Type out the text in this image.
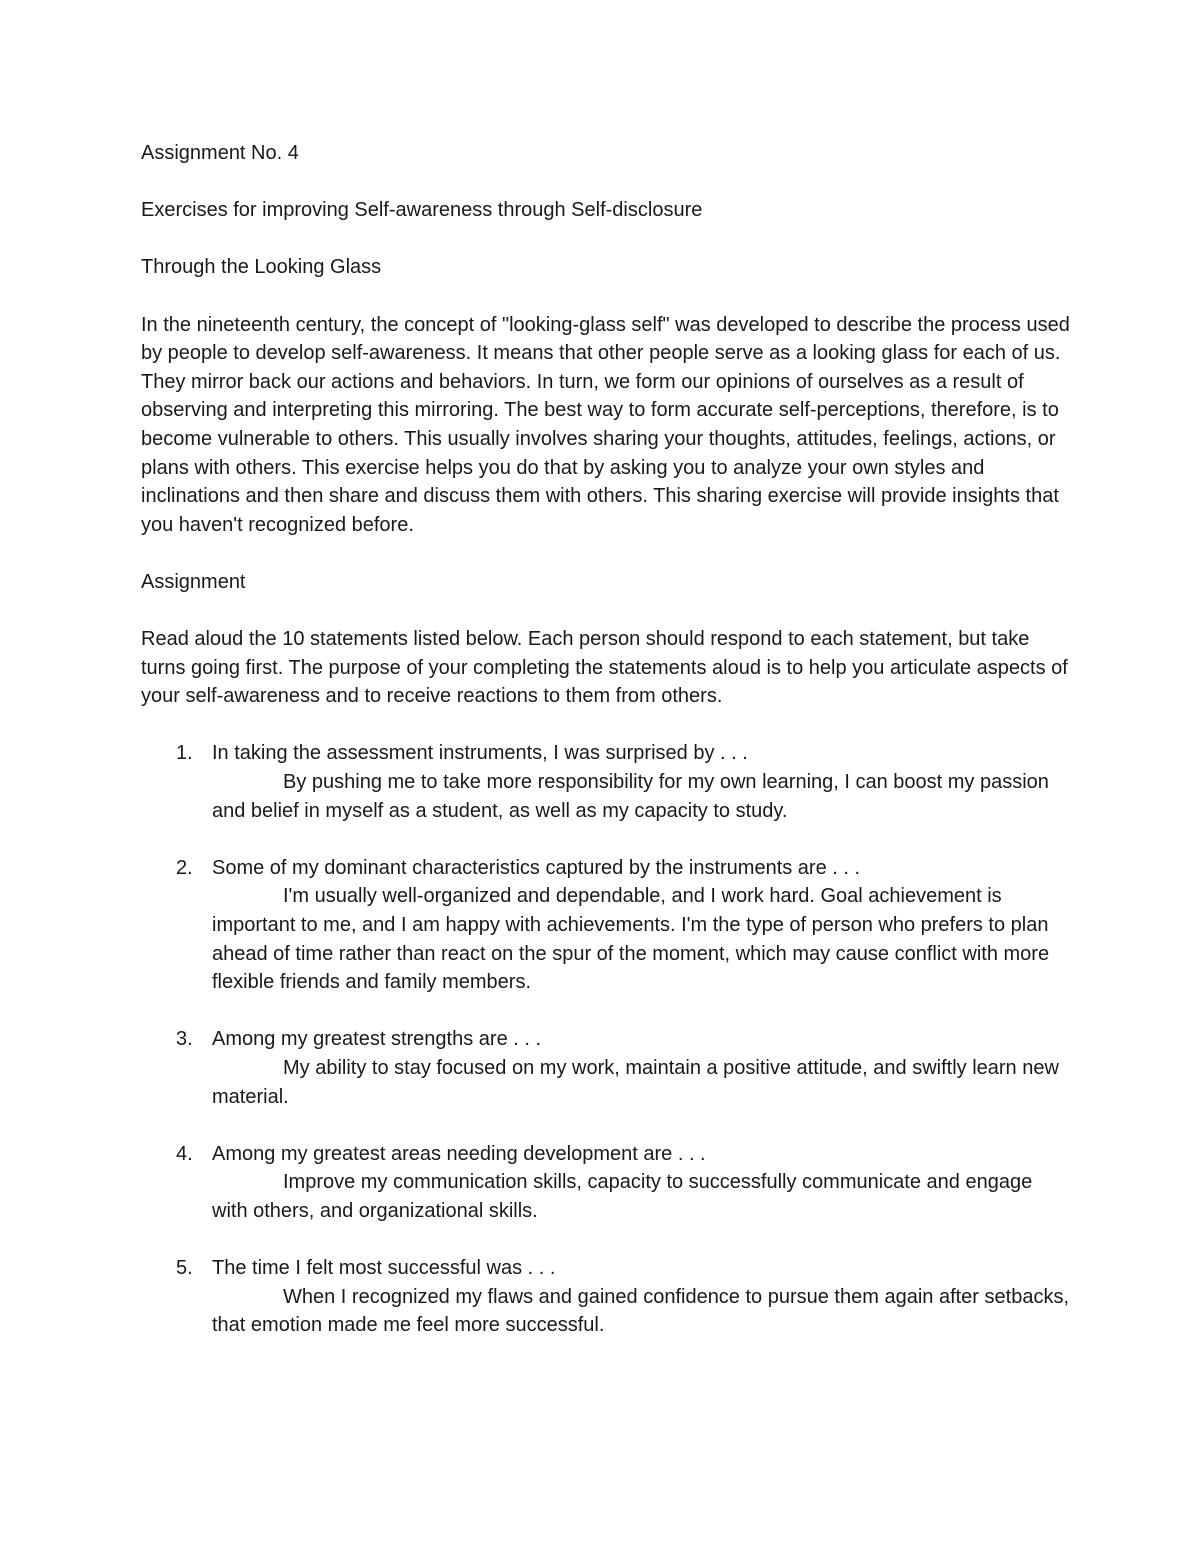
Assignment No. 4

Exercises for improving Self-awareness through Self-disclosure

Through the Looking Glass

In the nineteenth century, the concept of "looking-glass self" was developed to describe the process used by people to develop self-awareness. It means that other people serve as a looking glass for each of us. They mirror back our actions and behaviors. In turn, we form our opinions of ourselves as a result of observing and interpreting this mirroring. The best way to form accurate self-perceptions, therefore, is to become vulnerable to others. This usually involves sharing your thoughts, attitudes, feelings, actions, or plans with others. This exercise helps you do that by asking you to analyze your own styles and inclinations and then share and discuss them with others. This sharing exercise will provide insights that you haven't recognized before.

Assignment

Read aloud the 10 statements listed below. Each person should respond to each statement, but take turns going first. The purpose of your completing the statements aloud is to help you articulate aspects of your self-awareness and to receive reactions to them from others.

1. In taking the assessment instruments, I was surprised by . . .
By pushing me to take more responsibility for my own learning, I can boost my passion and belief in myself as a student, as well as my capacity to study.
2. Some of my dominant characteristics captured by the instruments are . . .
I'm usually well-organized and dependable, and I work hard. Goal achievement is important to me, and I am happy with achievements. I'm the type of person who prefers to plan ahead of time rather than react on the spur of the moment, which may cause conflict with more flexible friends and family members.
3. Among my greatest strengths are . . .
My ability to stay focused on my work, maintain a positive attitude, and swiftly learn new material.
4. Among my greatest areas needing development are . . .
Improve my communication skills, capacity to successfully communicate and engage with others, and organizational skills.
5. The time I felt most successful was . . .
When I recognized my flaws and gained confidence to pursue them again after setbacks, that emotion made me feel more successful.
